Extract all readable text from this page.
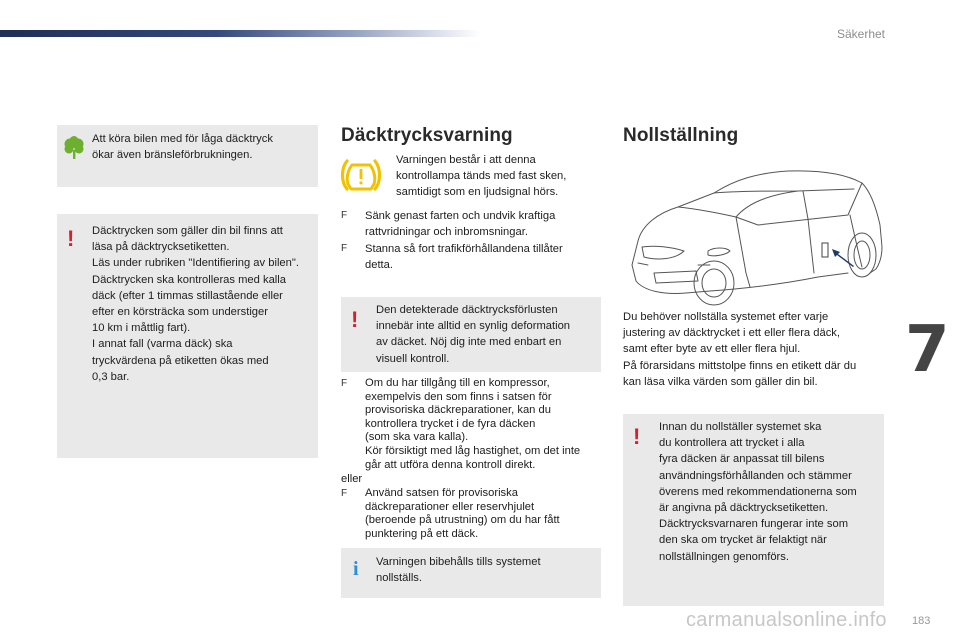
Säkerhet
Att köra bilen med för låga däcktryck
ökar även bränsleförbrukningen.
! Däcktrycken som gäller din bil finns att
läsa på däcktrycksetiketten.
Läs under rubriken "Identifiering av bilen".
Däcktrycken ska kontrolleras med kalla
däck (efter 1 timmas stillastående eller
efter en körsträcka som understiger
10 km i måttlig fart).
I annat fall (varma däck) ska
tryckvärdena på etiketten ökas med
0,3 bar.
Däcktrycksvarning
Varningen består i att denna
kontrollampa tänds med fast sken,
samtidigt som en ljudsignal hörs.
F Sänk genast farten och undvik kraftiga
rattvridningar och inbromsningar.
F Stanna så fort trafikförhållandena tillåter
detta.
! Den detekterade däcktrycksförlusten
innebär inte alltid en synlig deformation
av däcket. Nöj dig inte med enbart en
visuell kontroll.
F Om du har tillgång till en kompressor,
exempelvis den som finns i satsen för
provisoriska däckreparationer, kan du
kontrollera trycket i de fyra däcken
(som ska vara kalla).
Kör försiktigt med låg hastighet, om det inte
går att utföra denna kontroll direkt.
eller
F Använd satsen för provisoriska
däckreparationer eller reservhjulet
(beroende på utrustning) om du har fått
punktering på ett däck.
i Varningen bibehålls tills systemet
nollställs.
Nollställning
Du behöver nollställa systemet efter varje
justering av däcktrycket i ett eller flera däck,
samt efter byte av ett eller flera hjul.
På förarsidans mittstolpe finns en etikett där du
kan läsa vilka värden som gäller din bil.
! Innan du nollställer systemet ska
du kontrollera att trycket i alla
fyra däcken är anpassat till bilens
användningsförhållanden och stämmer
överens med rekommendationerna som
är angivna på däcktrycksetiketten.
Däcktrycksvarnaren fungerar inte som
den ska om trycket är felaktigt när
nollställningen genomförs.
7
carmanualsonline.info 183
